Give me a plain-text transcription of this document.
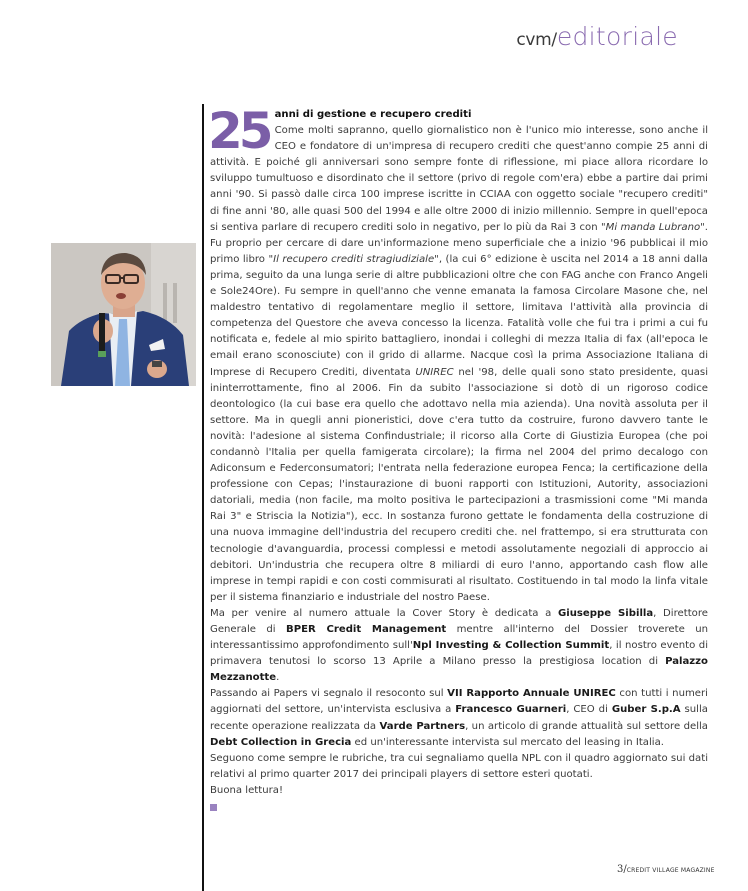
cvm/editoriale
25 anni di gestione e recupero crediti

Come molti sapranno, quello giornalistico non è l'unico mio interesse, sono anche il CEO e fondatore di un'impresa di recupero crediti che quest'anno compie 25 anni di attività. E poiché gli anniversari sono sempre fonte di riflessione, mi piace allora ricordare lo sviluppo tumultuoso e disordinato che il settore (privo di regole com'era) ebbe a partire dai primi anni '90. Si passò dalle circa 100 imprese iscritte in CCIAA con oggetto sociale "recupero crediti" di fine anni '80, alle quasi 500 del 1994 e alle oltre 2000 di inizio millennio. Sempre in quell'epoca si sentiva parlare di recupero crediti solo in negativo, per lo più da Rai 3 con "Mi manda Lubrano". Fu proprio per cercare di dare un'informazione meno superficiale che a inizio '96 pubblicai il mio primo libro "Il recupero crediti stragiudiziale", (la cui 6° edizione è uscita nel 2014 a 18 anni dalla prima, seguito da una lunga serie di altre pubblicazioni oltre che con FAG anche con Franco Angeli e Sole24Ore). Fu sempre in quell'anno che venne emanata la famosa Circolare Masone che, nel maldestro tentativo di regolamentare meglio il settore, limitava l'attività alla provincia di competenza del Questore che aveva concesso la licenza. Fatalità volle che fui tra i primi a cui fu notificata e, fedele al mio spirito battagliero, inondai i colleghi di mezza Italia di fax (all'epoca le email erano sconosciute) con il grido di allarme. Nacque così la prima Associazione Italiana di Imprese di Recupero Crediti, diventata UNIREC nel '98, delle quali sono stato presidente, quasi ininterrottamente, fino al 2006. Fin da subito l'associazione si dotò di un rigoroso codice deontologico (la cui base era quello che adottavo nella mia azienda). Una novità assoluta per il settore. Ma in quegli anni pioneristici, dove c'era tutto da costruire, furono davvero tante le novità: l'adesione al sistema Confindustriale; il ricorso alla Corte di Giustizia Europea (che poi condannò l'Italia per quella famigerata circolare); la firma nel 2004 del primo decalogo con Adiconsum e Federconsumatori; l'entrata nella federazione europea Fenca; la certificazione della professione con Cepas; l'instaurazione di buoni rapporti con Istituzioni, Autority, associazioni datoriali, media (non facile, ma molto positiva le partecipazioni a trasmissioni come "Mi manda Rai 3" e Striscia la Notizia"), ecc. In sostanza furono gettate le fondamenta della costruzione di una nuova immagine dell'industria del recupero crediti che. nel frattempo, si era strutturata con tecnologie d'avanguardia, processi complessi e metodi assolutamente negoziali di approccio ai debitori. Un'industria che recupera oltre 8 miliardi di euro l'anno, apportando cash flow alle imprese in tempi rapidi e con costi commisurati al risultato. Costituendo in tal modo la linfa vitale per il sistema finanziario e industriale del nostro Paese.

Ma per venire al numero attuale la Cover Story è dedicata a Giuseppe Sibilla, Direttore Generale di BPER Credit Management mentre all'interno del Dossier troverete un interessantissimo approfondimento sull'Npl Investing & Collection Summit, il nostro evento di primavera tenutosi lo scorso 13 Aprile a Milano presso la prestigiosa location di Palazzo Mezzanotte.

Passando ai Papers vi segnalo il resoconto sul VII Rapporto Annuale UNIREC con tutti i numeri aggiornati del settore, un'intervista esclusiva a Francesco Guarneri, CEO di Guber S.p.A sulla recente operazione realizzata da Varde Partners, un articolo di grande attualità sul settore della Debt Collection in Grecia ed un'interessante intervista sul mercato del leasing in Italia.

Seguono come sempre le rubriche, tra cui segnaliamo quella NPL con il quadro aggiornato sui dati relativi al primo quarter 2017 dei principali players di settore esteri quotati.

Buona lettura!

3/CREDIT VILLAGE MAGAZINE
